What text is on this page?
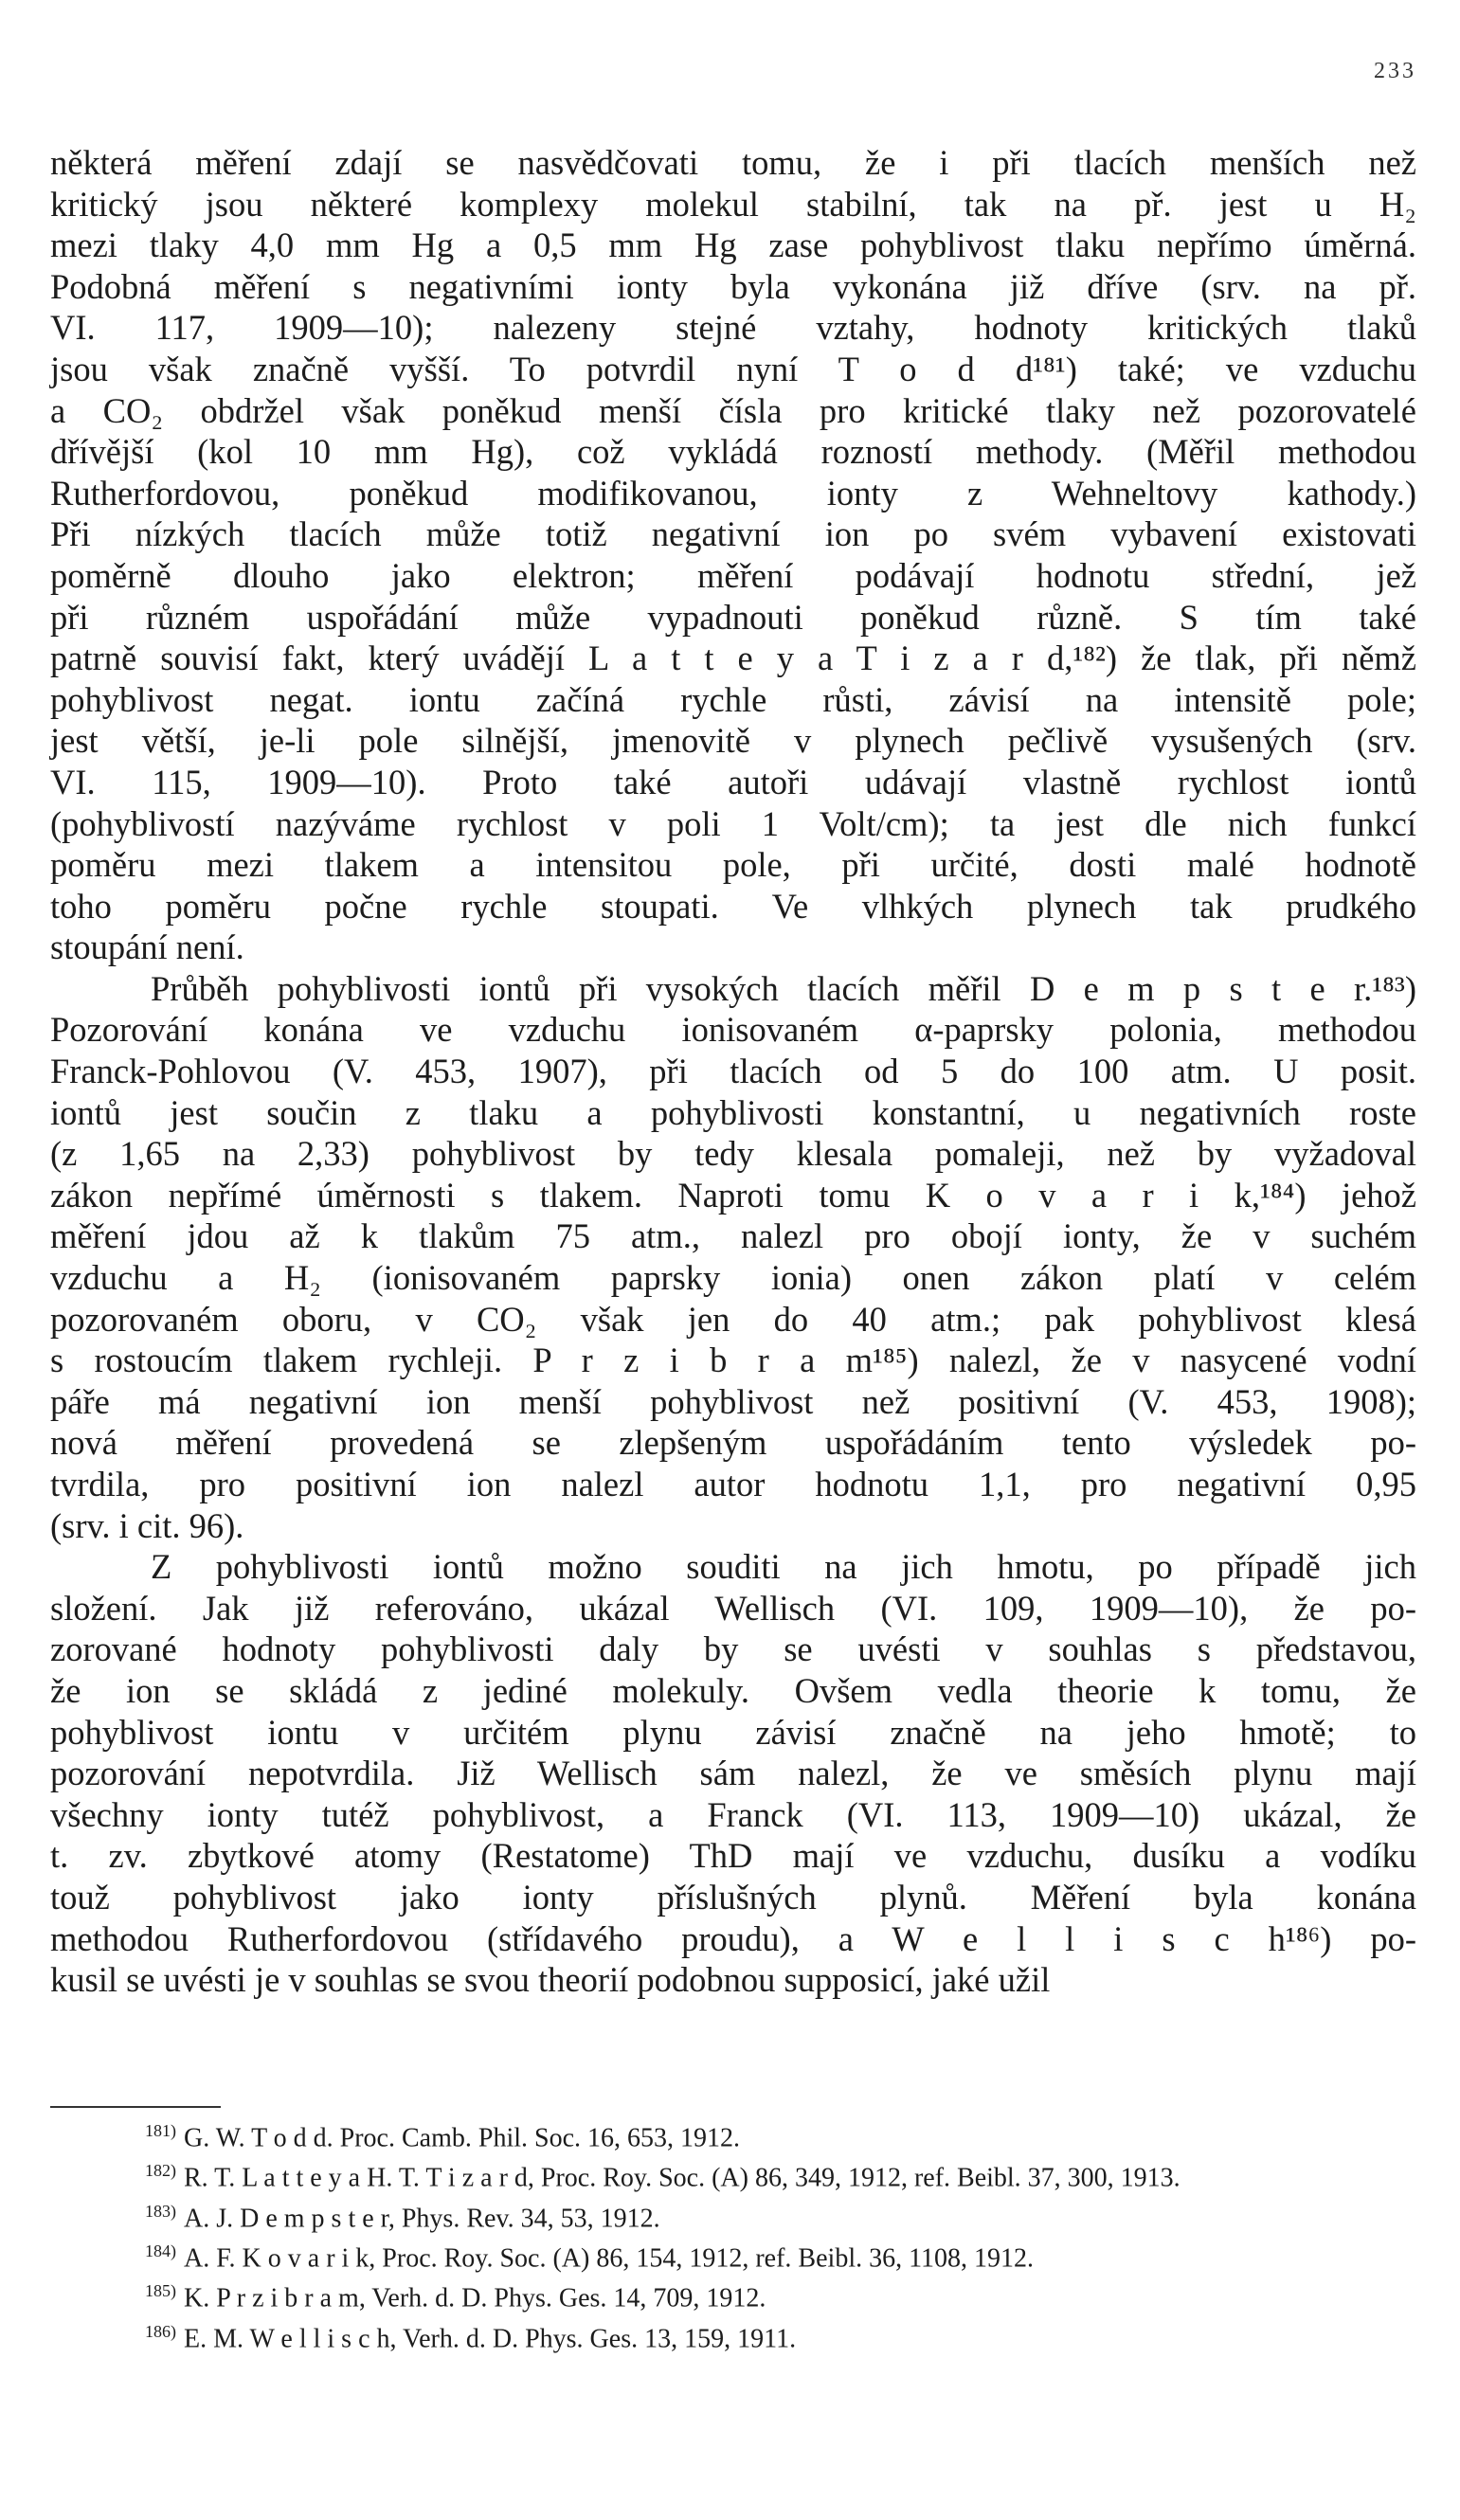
233
některá měření zdají se nasvědčovati tomu, že i při tlacích menších než
kritický jsou některé komplexy molekul stabilní, tak na př. jest u H₂
mezi tlaky 4,0 mm Hg a 0,5 mm Hg zase pohyblivost tlaku nepřímo úměrná.
Podobná měření s negativními ionty byla vykonána již dříve (srv. na př.
VI. 117, 1909—10); nalezeny stejné vztahy, hodnoty kritických tlaků
jsou však značně vyšší. To potvrdil nyní T o d d¹⁸¹) také; ve vzduchu
a CO₂ obdržel však poněkud menší čísla pro kritické tlaky než pozorovatelé
dřívější (kol 10 mm Hg), což vykládá rozností methody. (Měřil methodou
Rutherfordovou, poněkud modifikovanou, ionty z Wehneltovy kathody.)
Při nízkých tlacích může totiž negativní ion po svém vybavení existovati
poměrně dlouho jako elektron; měření podávají hodnotu střední, jež
při různém uspořádání může vypadnouti poněkud různě. S tím také
patrně souvisí fakt, který uvádějí L a t t e y a T i z a r d,¹⁸²) že tlak, při němž
pohyblivost negat. iontu začíná rychle růsti, závisí na intensitě pole;
jest větší, je-li pole silnější, jmenovitě v plynech pečlivě vysušených (srv.
VI. 115, 1909—10). Proto také autoři udávají vlastně rychlost iontů
(pohyblivostí nazýváme rychlost v poli 1 Volt/cm); ta jest dle nich funkcí
poměru mezi tlakem a intensitou pole, při určité, dosti malé hodnotě
toho poměru počne rychle stoupati. Ve vlhkých plynech tak prudkého
stoupání není.
Průběh pohyblivosti iontů při vysokých tlacích měřil D e m p s t e r.¹⁸³)
Pozorování konána ve vzduchu ionisovaném α-paprsky polonia, methodou
Franck-Pohlovou (V. 453, 1907), při tlacích od 5 do 100 atm. U posit.
iontů jest součin z tlaku a pohyblivosti konstantní, u negativních roste
(z 1,65 na 2,33) pohyblivost by tedy klesala pomaleji, než by vyžadoval
zákon nepřímé úměrnosti s tlakem. Naproti tomu K o v a r i k,¹⁸⁴) jehož
měření jdou až k tlakům 75 atm., nalezl pro obojí ionty, že v suchém
vzduchu a H₂ (ionisovaném paprsky ionia) onen zákon platí v celém
pozorovaném oboru, v CO₂ však jen do 40 atm.; pak pohyblivost klesá
s rostoucím tlakem rychleji. P r z i b r a m¹⁸⁵) nalezl, že v nasycené vodní
páře má negativní ion menší pohyblivost než positivní (V. 453, 1908);
nová měření provedená se zlepšeným uspořádáním tento výsledek po-
tvrdila, pro positivní ion nalezl autor hodnotu 1,1, pro negativní 0,95
(srv. i cit. 96).
Z pohyblivosti iontů možno souditi na jich hmotu, po případě jich
složení. Jak již referováno, ukázal Wellisch (VI. 109, 1909—10), že po-
zorované hodnoty pohyblivosti daly by se uvésti v souhlas s představou,
že ion se skládá z jediné molekuly. Ovšem vedla theorie k tomu, že
pohyblivost iontu v určitém plynu závisí značně na jeho hmotě; to
pozorování nepotvrdila. Již Wellisch sám nalezl, že ve směsích plynu mají
všechny ionty tutéž pohyblivost, a Franck (VI. 113, 1909—10) ukázal, že
t. zv. zbytkové atomy (Restatome) ThD mají ve vzduchu, dusíku a vodíku
touž pohyblivost jako ionty příslušných plynů. Měření byla konána
methodou Rutherfordovou (střídavého proudu), a W e l l i s c h¹⁸⁶) po-
kusil se uvésti je v souhlas se svou theorií podobnou supposicí, jaké užil
$^{181)}$ G. W. T o d d. Proc. Camb. Phil. Soc. 16, 653, 1912.
$^{182)}$ R. T. L a t t e y a H. T. T i z a r d, Proc. Roy. Soc. (A) 86, 349, 1912, ref. Beibl. 37, 300, 1913.
$^{183)}$ A. J. D e m p s t e r, Phys. Rev. 34, 53, 1912.
$^{184)}$ A. F. K o v a r i k, Proc. Roy. Soc. (A) 86, 154, 1912, ref. Beibl. 36, 1108, 1912.
$^{185)}$ K. P r z i b r a m, Verh. d. D. Phys. Ges. 14, 709, 1912.
$^{186)}$ E. M. W e l l i s c h, Verh. d. D. Phys. Ges. 13, 159, 1911.
